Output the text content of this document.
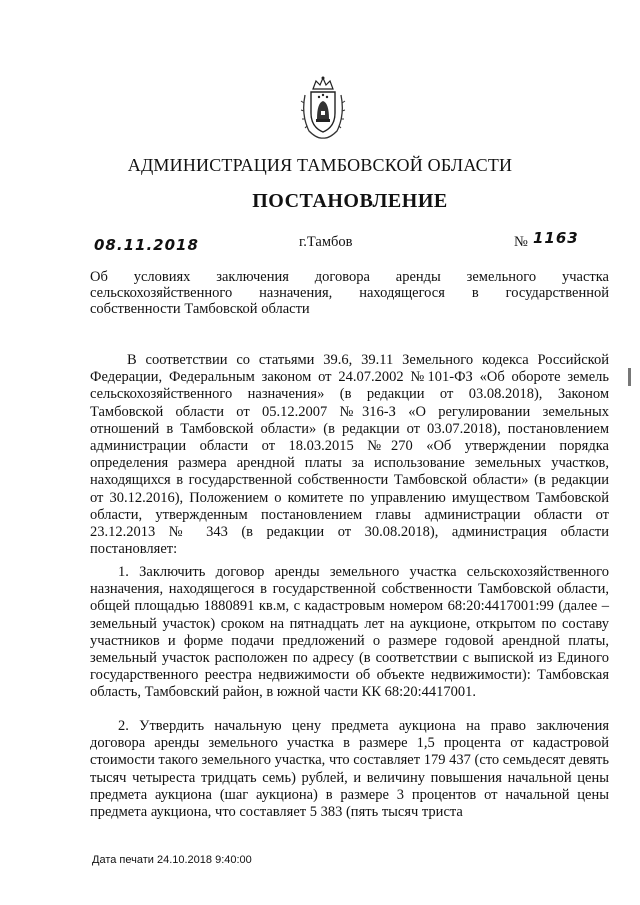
АДМИНИСТРАЦИЯ ТАМБОВСКОЙ ОБЛАСТИ
ПОСТАНОВЛЕНИЕ
08.11.2018	г.Тамбов	№ 1163
Об условиях заключения договора аренды земельного участка сельскохозяйственного назначения, находящегося в государственной собственности Тамбовской области

В соответствии со статьями 39.6, 39.11 Земельного кодекса Российской Федерации, Федеральным законом от 24.07.2002 №101-ФЗ «Об обороте земель сельскохозяйственного назначения» (в редакции от 03.08.2018), Законом Тамбовской области от 05.12.2007 №316-З «О регулировании земельных отношений в Тамбовской области» (в редакции от 03.07.2018), постановлением администрации области от 18.03.2015 №270 «Об утверждении порядка определения размера арендной платы за использование земельных участков, находящихся в государственной собственности Тамбовской области» (в редакции от 30.12.2016), Положением о комитете по управлению имуществом Тамбовской области, утвержденным постановлением главы администрации области от 23.12.2013 № 343 (в редакции от 30.08.2018), администрация области постановляет:

1. Заключить договор аренды земельного участка сельскохозяйственного назначения, находящегося в государственной собственности Тамбовской области, общей площадью 1880891 кв.м, с кадастровым номером 68:20:4417001:99 (далее – земельный участок) сроком на пятнадцать лет на аукционе, открытом по составу участников и форме подачи предложений о размере годовой арендной платы, земельный участок расположен по адресу (в соответствии с выпиской из Единого государственного реестра недвижимости об объекте недвижимости): Тамбовская область, Тамбовский район, в южной части КК 68:20:4417001.

2. Утвердить начальную цену предмета аукциона на право заключения договора аренды земельного участка в размере 1,5 процента от кадастровой стоимости такого земельного участка, что составляет 179 437 (сто семьдесят девять тысяч четыреста тридцать семь) рублей, и величину повышения начальной цены предмета аукциона (шаг аукциона) в размере 3 процентов от начальной цены предмета аукциона, что составляет 5 383 (пять тысяч триста

Дата печати 24.10.2018 9:40:00
